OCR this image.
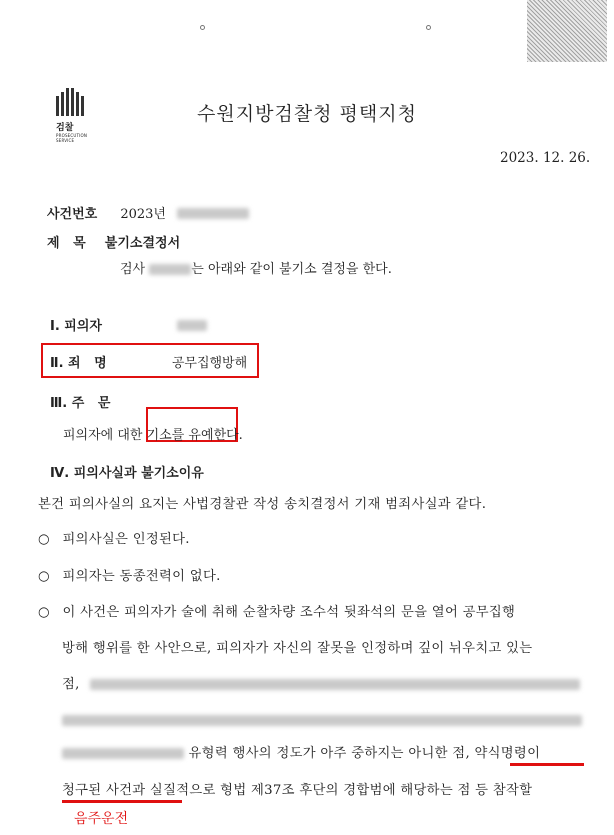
검찰
PROSECUTION SERVICE
수원지방검찰청 평택지청
2023. 12. 26.
사건번호 2023년
제   목 불기소결정서
검사	는 아래와 같이 불기소 결정을 한다.
Ⅰ. 피의자
Ⅱ. 죄   명	공무집행방해
Ⅲ. 주   문
피의자에 대한 기소를 유예한다.
Ⅳ. 피의사실과 불기소이유
본건 피의사실의 요지는 사법경찰관 작성 송치결정서 기재 범죄사실과 같다.
○ 피의사실은 인정된다.
○ 피의자는 동종전력이 없다.
○ 이 사건은 피의자가 술에 취해 순찰차량 조수석 뒷좌석의 문을 열어 공무집행
방해 행위를 한 사안으로, 피의자가 자신의 잘못을 인정하며 깊이 뉘우치고 있는
점,
유형력 행사의 정도가 아주 중하지는 아니한 점, 약식명령이
청구된 사건과 실질적으로 형법 제37조 후단의 경합범에 해당하는 점 등 참작할
음주운전
